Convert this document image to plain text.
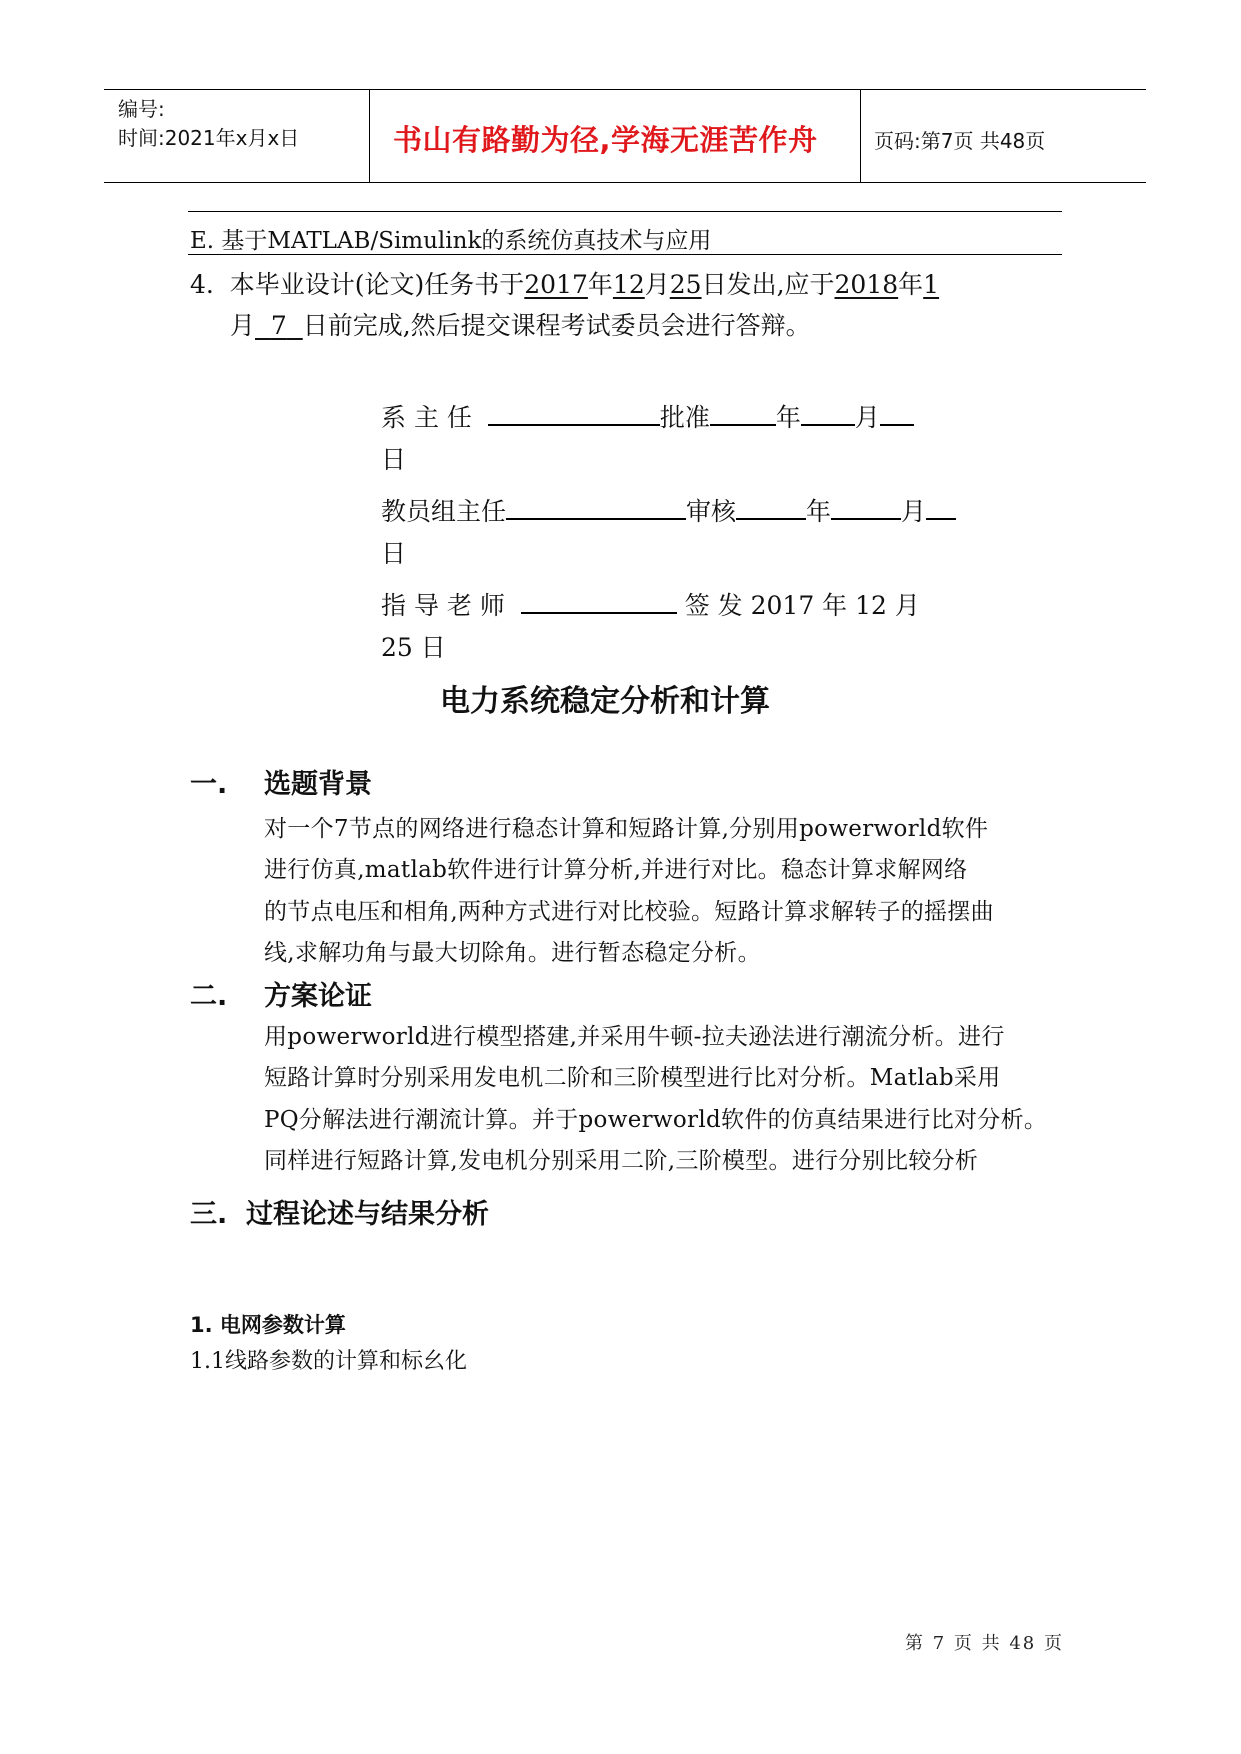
编号:
时间:2021年x月x日	书山有路勤为径,学海无涯苦作舟	页码:第7页 共48页
E. 基于MATLAB/Simulink的系统仿真技术与应用
4. 本毕业设计(论文)任务书于2017年12月25日发出,应于2018年1
月 7 日前完成,然后提交课程考试委员会进行答辩。
系 主 任	批准	年 月
日
教员组主任	审核	年	月
日
指 导 老 师	签 发 2017 年 12 月
25 日
电力系统稳定分析和计算
一. 选题背景
对一个7节点的网络进行稳态计算和短路计算,分别用powerworld软件
进行仿真,matlab软件进行计算分析,并进行对比。稳态计算求解网络
的节点电压和相角,两种方式进行对比校验。短路计算求解转子的摇摆曲
线,求解功角与最大切除角。进行暂态稳定分析。
二. 方案论证
用powerworld进行模型搭建,并采用牛顿-拉夫逊法进行潮流分析。进行
短路计算时分别采用发电机二阶和三阶模型进行比对分析。Matlab采用
PQ分解法进行潮流计算。并于powerworld软件的仿真结果进行比对分析。
同样进行短路计算,发电机分别采用二阶,三阶模型。进行分别比较分析
三. 过程论述与结果分析
1. 电网参数计算
1.1线路参数的计算和标幺化
第 7 页 共 48 页
